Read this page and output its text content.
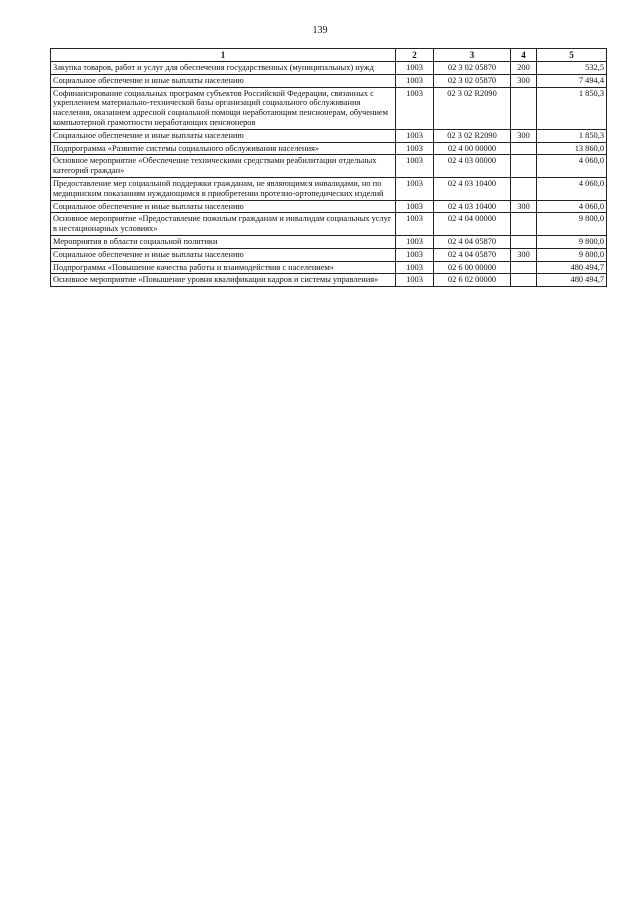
139
1	2	3	4	5
Закупка товаров, работ и услуг для обеспечения государственных (муниципальных) нужд	1003	02 3 02 05870	200	532,5
Социальное обеспечение и иные выплаты населению	1003	02 3 02 05870	300	7 494,4
Софинансирование социальных программ субъектов Российской Федерации, связанных с укреплением материально-технической базы организаций социального обслуживания населения, оказанием адресной социальной помощи неработающим пенсионерам, обучением компьютерной грамотности неработающих пенсионеров	1003	02 3 02 R2090		1 850,3
Социальное обеспечение и иные выплаты населению	1003	02 3 02 R2090	300	1 850,3
Подпрограмма «Развитие системы социального обслуживания населения»	1003	02 4 00 00000		13 860,0
Основное мероприятие «Обеспечение техническими средствами реабилитации отдельных категорий граждан»	1003	02 4 03 00000		4 060,0
Предоставление мер социальной поддержки гражданам, не являющимся инвалидами, но по медицинским показаниям нуждающимся в приобретении протезно-ортопедических изделий	1003	02 4 03 10400		4 060,0
Социальное обеспечение и иные выплаты населению	1003	02 4 03 10400	300	4 060,0
Основное мероприятие «Предоставление пожилым гражданам и инвалидам социальных услуг в нестационарных условиях»	1003	02 4 04 00000		9 800,0
Мероприятия в области социальной политики	1003	02 4 04 05870		9 800,0
Социальное обеспечение и иные выплаты населению	1003	02 4 04 05870	300	9 800,0
Подпрограмма «Повышение качества работы и взаимодействия с населением»	1003	02 6 00 00000		480 494,7
Основное мероприятие «Повышение уровня квалификации кадров и системы управления»	1003	02 6 02 00000		480 494,7
